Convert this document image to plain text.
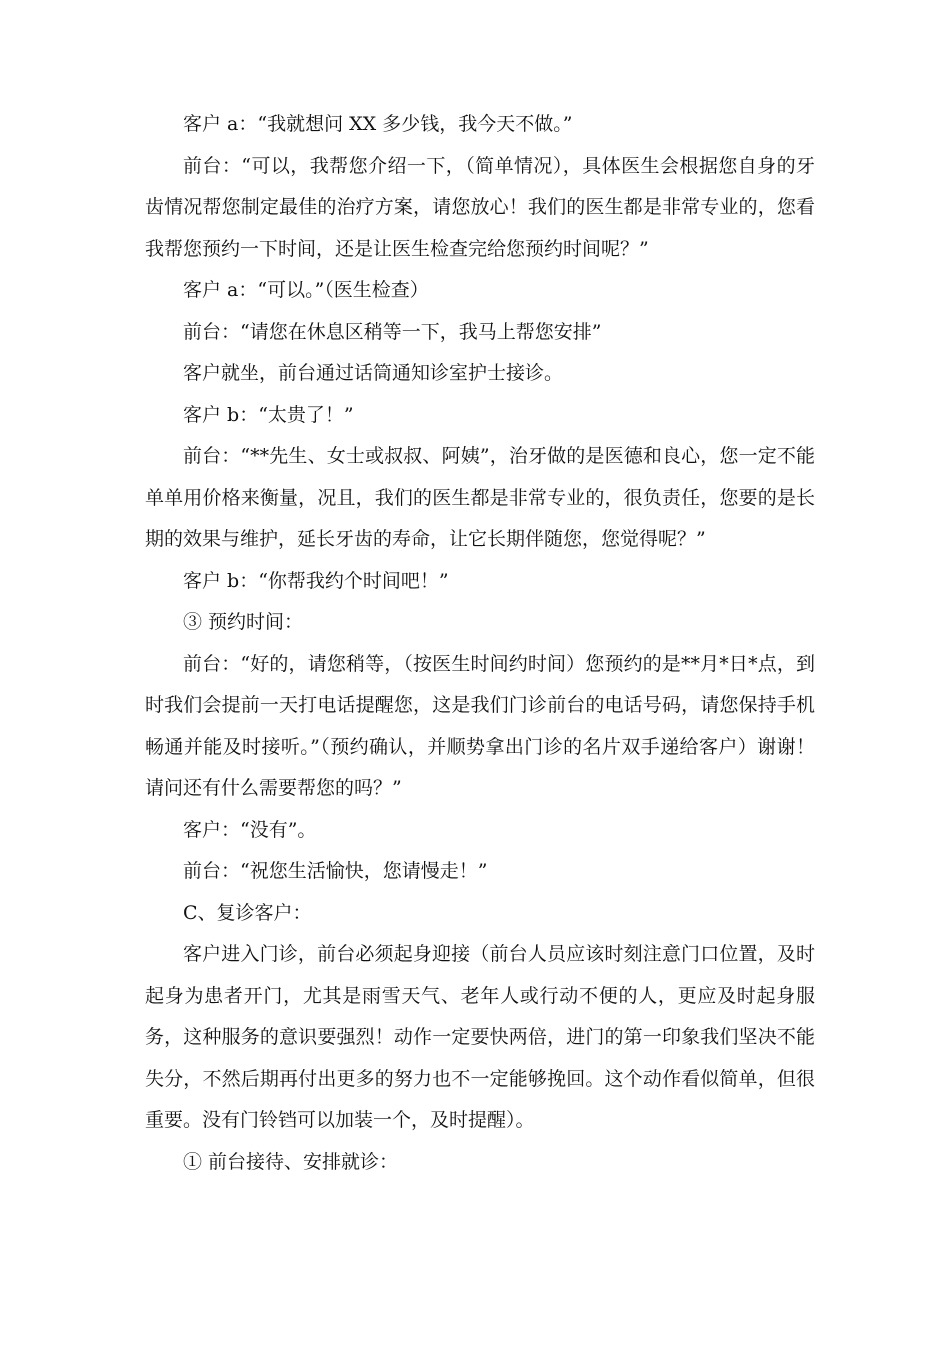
客户 a：“我就想问 XX 多少钱，我今天不做。”

前台：“可以，我帮您介绍一下，（简单情况），具体医生会根据您自身的牙齿情况帮您制定最佳的治疗方案，请您放心！我们的医生都是非常专业的，您看我帮您预约一下时间，还是让医生检查完给您预约时间呢？”

客户 a：“可以。”（医生检查）

前台：“请您在休息区稍等一下，我马上帮您安排”

客户就坐，前台通过话筒通知诊室护士接诊。

客户 b：“太贵了！”

前台：“**先生、女士或叔叔、阿姨”，治牙做的是医德和良心，您一定不能单单用价格来衡量，况且，我们的医生都是非常专业的，很负责任，您要的是长期的效果与维护，延长牙齿的寿命，让它长期伴随您，您觉得呢？”

客户 b：“你帮我约个时间吧！”

③ 预约时间：

前台：“好的，请您稍等，（按医生时间约时间）您预约的是**月*日*点，到时我们会提前一天打电话提醒您，这是我们门诊前台的电话号码，请您保持手机畅通并能及时接听。”（预约确认，并顺势拿出门诊的名片双手递给客户）谢谢！请问还有什么需要帮您的吗？”

客户：“没有”。

前台：“祝您生活愉快，您请慢走！”

C、复诊客户：

客户进入门诊，前台必须起身迎接（前台人员应该时刻注意门口位置，及时起身为患者开门，尤其是雨雪天气、老年人或行动不便的人，更应及时起身服务，这种服务的意识要强烈！动作一定要快两倍，进门的第一印象我们坚决不能失分，不然后期再付出更多的努力也不一定能够挽回。这个动作看似简单，但很重要。没有门铃铛可以加装一个，及时提醒）。

① 前台接待、安排就诊：
